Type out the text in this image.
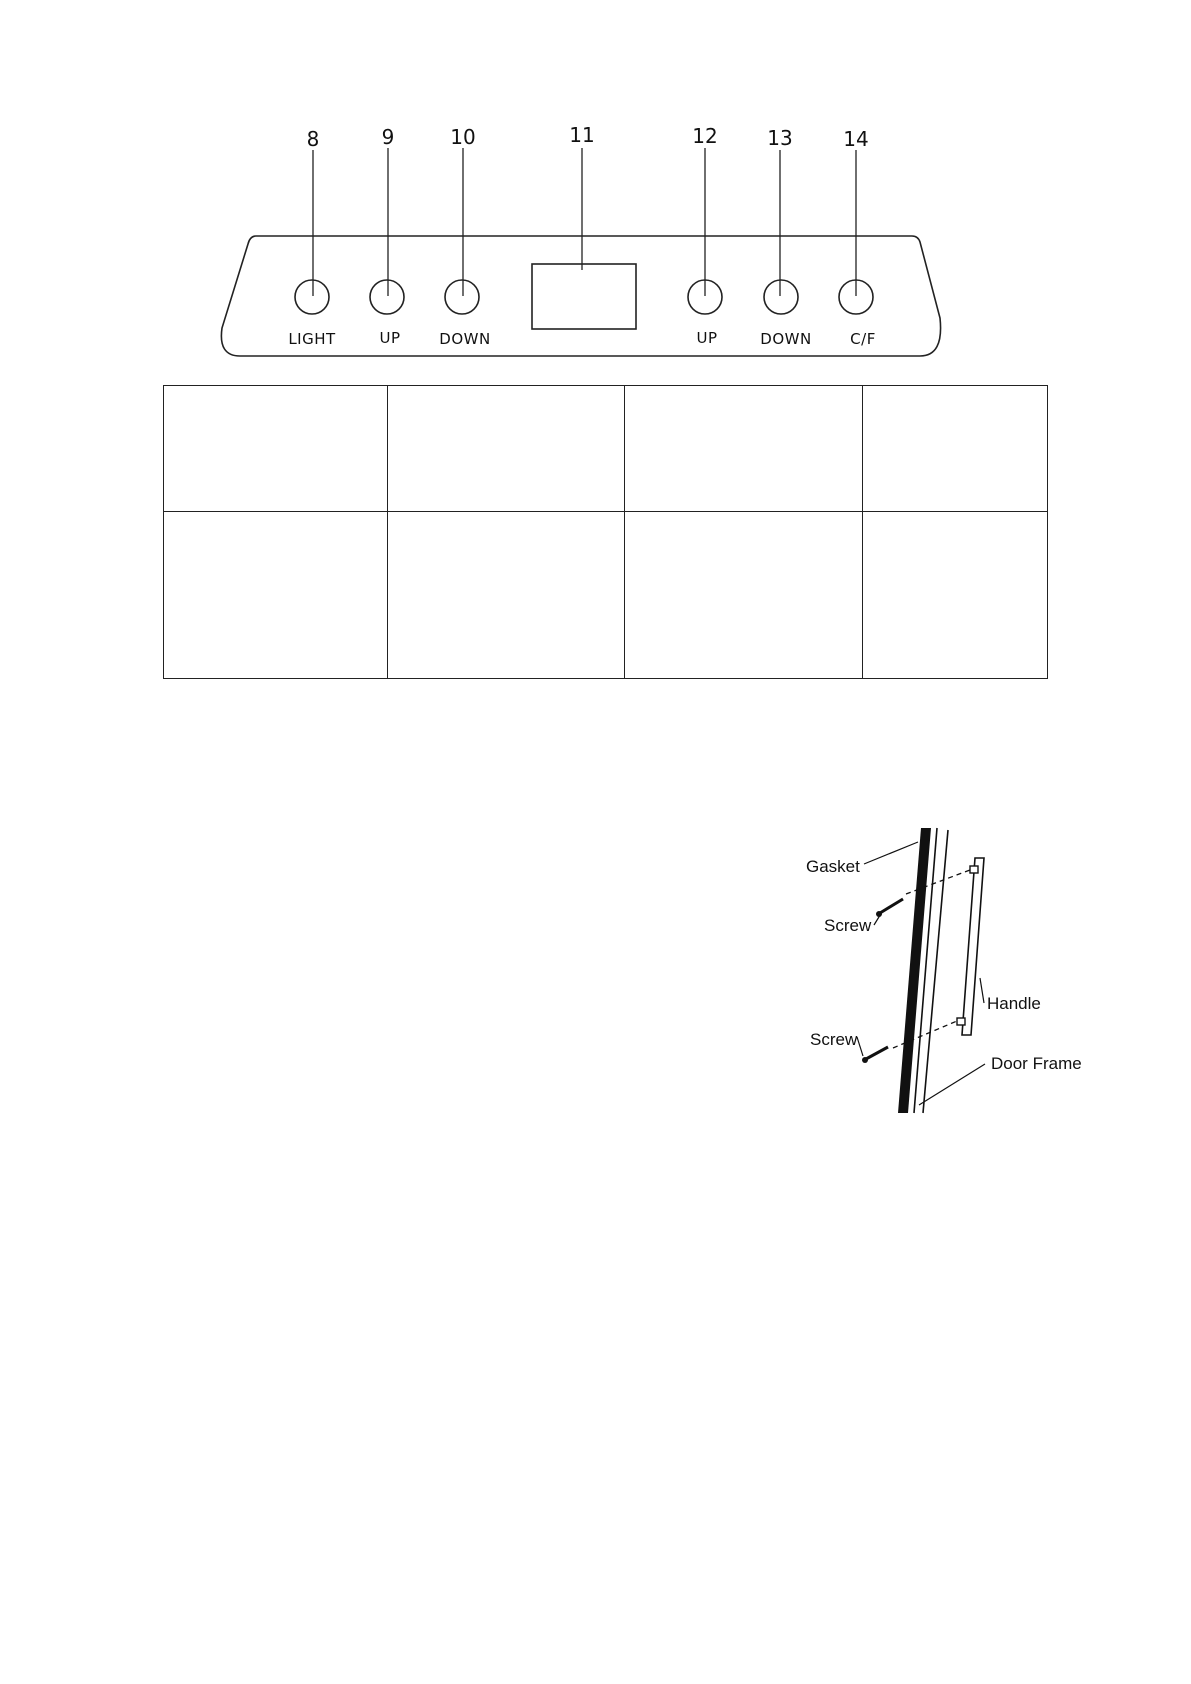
8	9	10	11	12 13	14
LIGHT	UP	DOWN	UP	DOWN	C/F
Gasket
Screw
Handle
Screw
Door Frame
